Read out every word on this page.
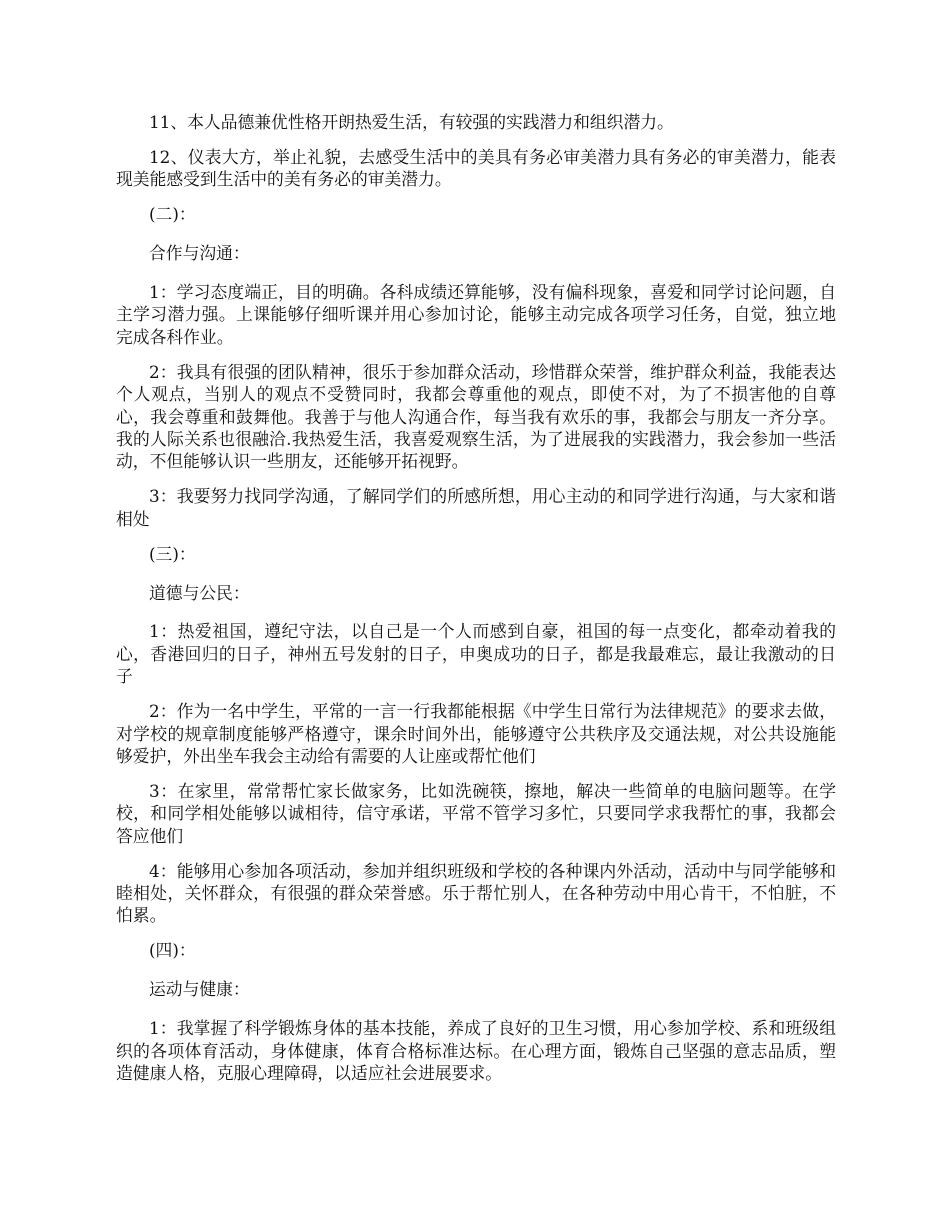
11、本人品德兼优性格开朗热爱生活，有较强的实践潜力和组织潜力。

12、仪表大方，举止礼貌，去感受生活中的美具有务必审美潜力具有务必的审美潜力，能表现美能感受到生活中的美有务必的审美潜力。

(二)：

合作与沟通：

1：学习态度端正，目的明确。各科成绩还算能够，没有偏科现象，喜爱和同学讨论问题，自主学习潜力强。上课能够仔细听课并用心参加讨论，能够主动完成各项学习任务，自觉，独立地完成各科作业。

2：我具有很强的团队精神，很乐于参加群众活动，珍惜群众荣誉，维护群众利益，我能表达个人观点，当别人的观点不受赞同时，我都会尊重他的观点，即使不对，为了不损害他的自尊心，我会尊重和鼓舞他。我善于与他人沟通合作，每当我有欢乐的事，我都会与朋友一齐分享。我的人际关系也很融洽.我热爱生活，我喜爱观察生活，为了进展我的实践潜力，我会参加一些活动，不但能够认识一些朋友，还能够开拓视野。

3：我要努力找同学沟通，了解同学们的所感所想，用心主动的和同学进行沟通，与大家和谐相处

(三)：

道德与公民：

1：热爱祖国，遵纪守法，以自己是一个人而感到自豪，祖国的每一点变化，都牵动着我的心，香港回归的日子，神州五号发射的日子，申奥成功的日子，都是我最难忘，最让我激动的日子

2：作为一名中学生，平常的一言一行我都能根据《中学生日常行为法律规范》的要求去做，对学校的规章制度能够严格遵守，课余时间外出，能够遵守公共秩序及交通法规，对公共设施能够爱护，外出坐车我会主动给有需要的人让座或帮忙他们

3：在家里，常常帮忙家长做家务，比如洗碗筷，擦地，解决一些简单的电脑问题等。在学校，和同学相处能够以诚相待，信守承诺，平常不管学习多忙，只要同学求我帮忙的事，我都会答应他们

4：能够用心参加各项活动，参加并组织班级和学校的各种课内外活动，活动中与同学能够和睦相处，关怀群众，有很强的群众荣誉感。乐于帮忙别人，在各种劳动中用心肯干，不怕脏，不怕累。

(四)：

运动与健康：

1：我掌握了科学锻炼身体的基本技能，养成了良好的卫生习惯，用心参加学校、系和班级组织的各项体育活动，身体健康，体育合格标准达标。在心理方面，锻炼自己坚强的意志品质，塑造健康人格，克服心理障碍，以适应社会进展要求。
